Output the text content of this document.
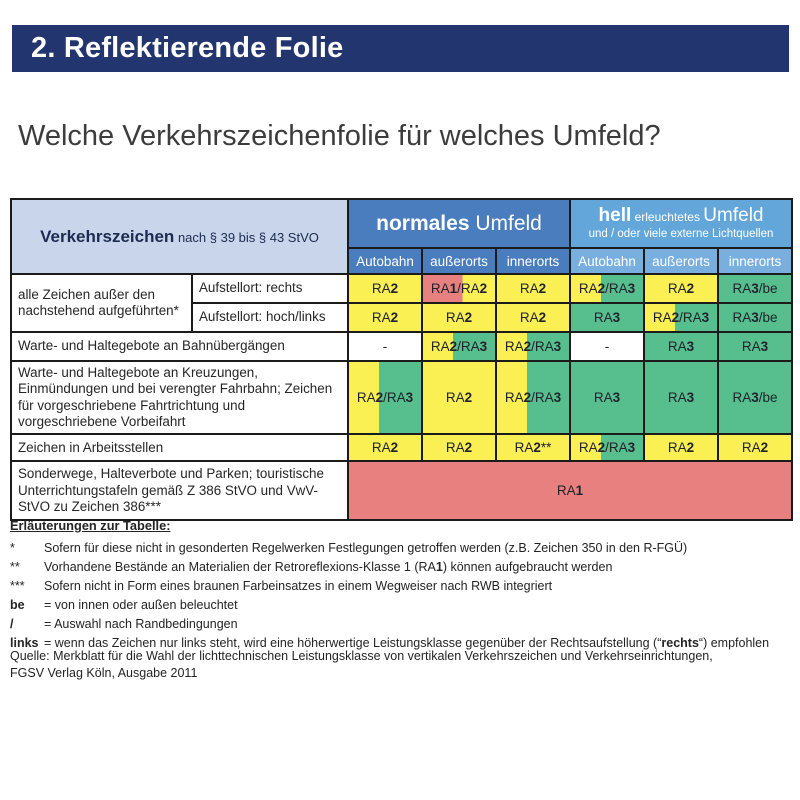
2. Reflektierende Folie
Welche Verkehrszeichenfolie für welches Umfeld?
Verkehrszeichen nach § 39 bis § 43 StVO		normales Umfeld			hell erleuchtetes Umfeld
und / oder viele externe Lichtquellen		

		Autobahn	außerorts	innerorts	Autobahn	außerorts	innerorts
alle Zeichen außer den nachstehend aufgeführten*	Aufstellort: rechts	RA2	RA1/RA2	RA2	RA2/RA3	RA2	RA3/be
	Aufstellort: hoch/links	RA2	RA2	RA2	RA3	RA2/RA3	RA3/be
Warte- und Haltegebote an Bahnübergängen		-	RA2/RA3	RA2/RA3	-	RA3	RA3
Warte- und Haltegebote an Kreuzungen, Einmündungen und bei verengter Fahrbahn; Zeichen für vorgeschriebene Fahrtrichtung und vorgeschriebene Vorbeifahrt		RA2/RA3	RA2	RA2/RA3	RA3	RA3	RA3/be
Zeichen in Arbeitsstellen		RA2	RA2	RA2**	RA2/RA3	RA2	RA2
Sonderwege, Halteverbote und Parken; touristische Unterrichtungstafeln gemäß Z 386 StVO und VwV-StVO zu Zeichen 386***		RA1					
Erläuterungen zur Tabelle:
*	Sofern für diese nicht in gesonderten Regelwerken Festlegungen getroffen werden (z.B. Zeichen 350 in den R-FGÜ)
**	Vorhandene Bestände an Materialien der Retroreflexions-Klasse 1 (RA1) können aufgebraucht werden
***	Sofern nicht in Form eines braunen Farbeinsatzes in einem Wegweiser nach RWB integriert
be	= von innen oder außen beleuchtet
/	= Auswahl nach Randbedingungen
links = wenn das Zeichen nur links steht, wird eine höherwertige Leistungsklasse gegenüber der Rechtsaufstellung (“rechts“) empfohlen
Quelle: Merkblatt für die Wahl der lichttechnischen Leistungsklasse von vertikalen Verkehrszeichen und Verkehrseinrichtungen,
FGSV Verlag Köln, Ausgabe 2011
